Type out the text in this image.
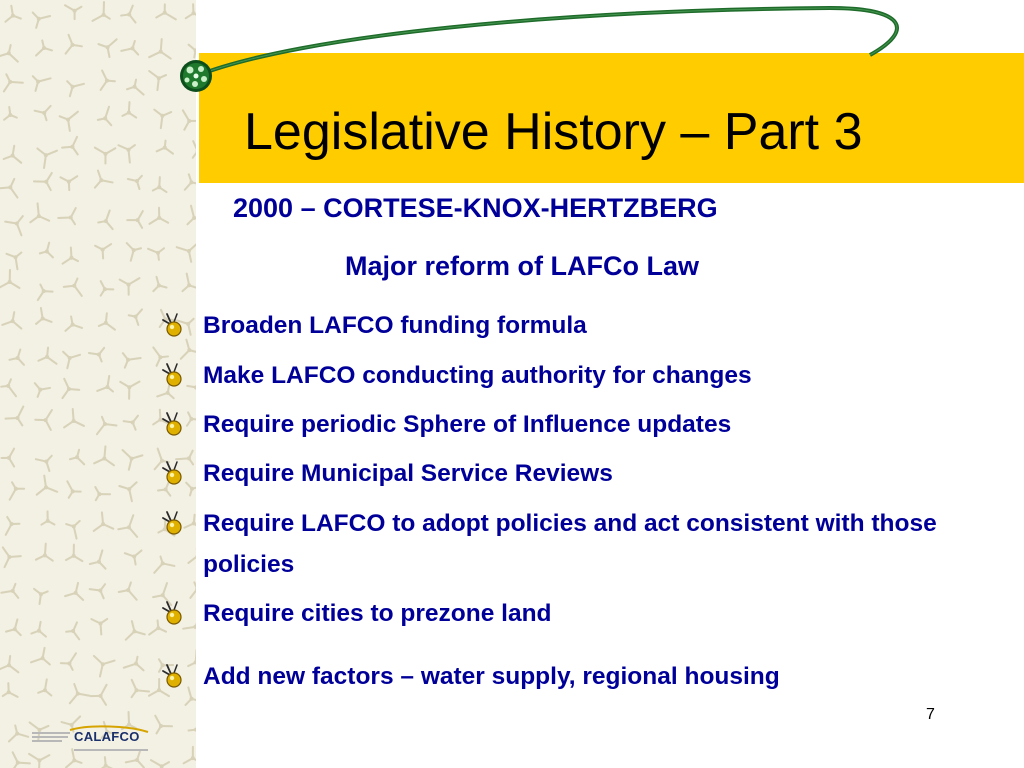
Legislative History – Part 3

2000 – CORTESE-KNOX-HERTZBERG

Major reform of LAFCo Law

Broaden LAFCO funding formula
Make LAFCO conducting authority for changes
Require periodic Sphere of Influence updates
Require Municipal Service Reviews
Require LAFCO to adopt policies and act consistent with those policies
Require cities to prezone land
Add new factors – water supply, regional housing
7
CALAFCO
